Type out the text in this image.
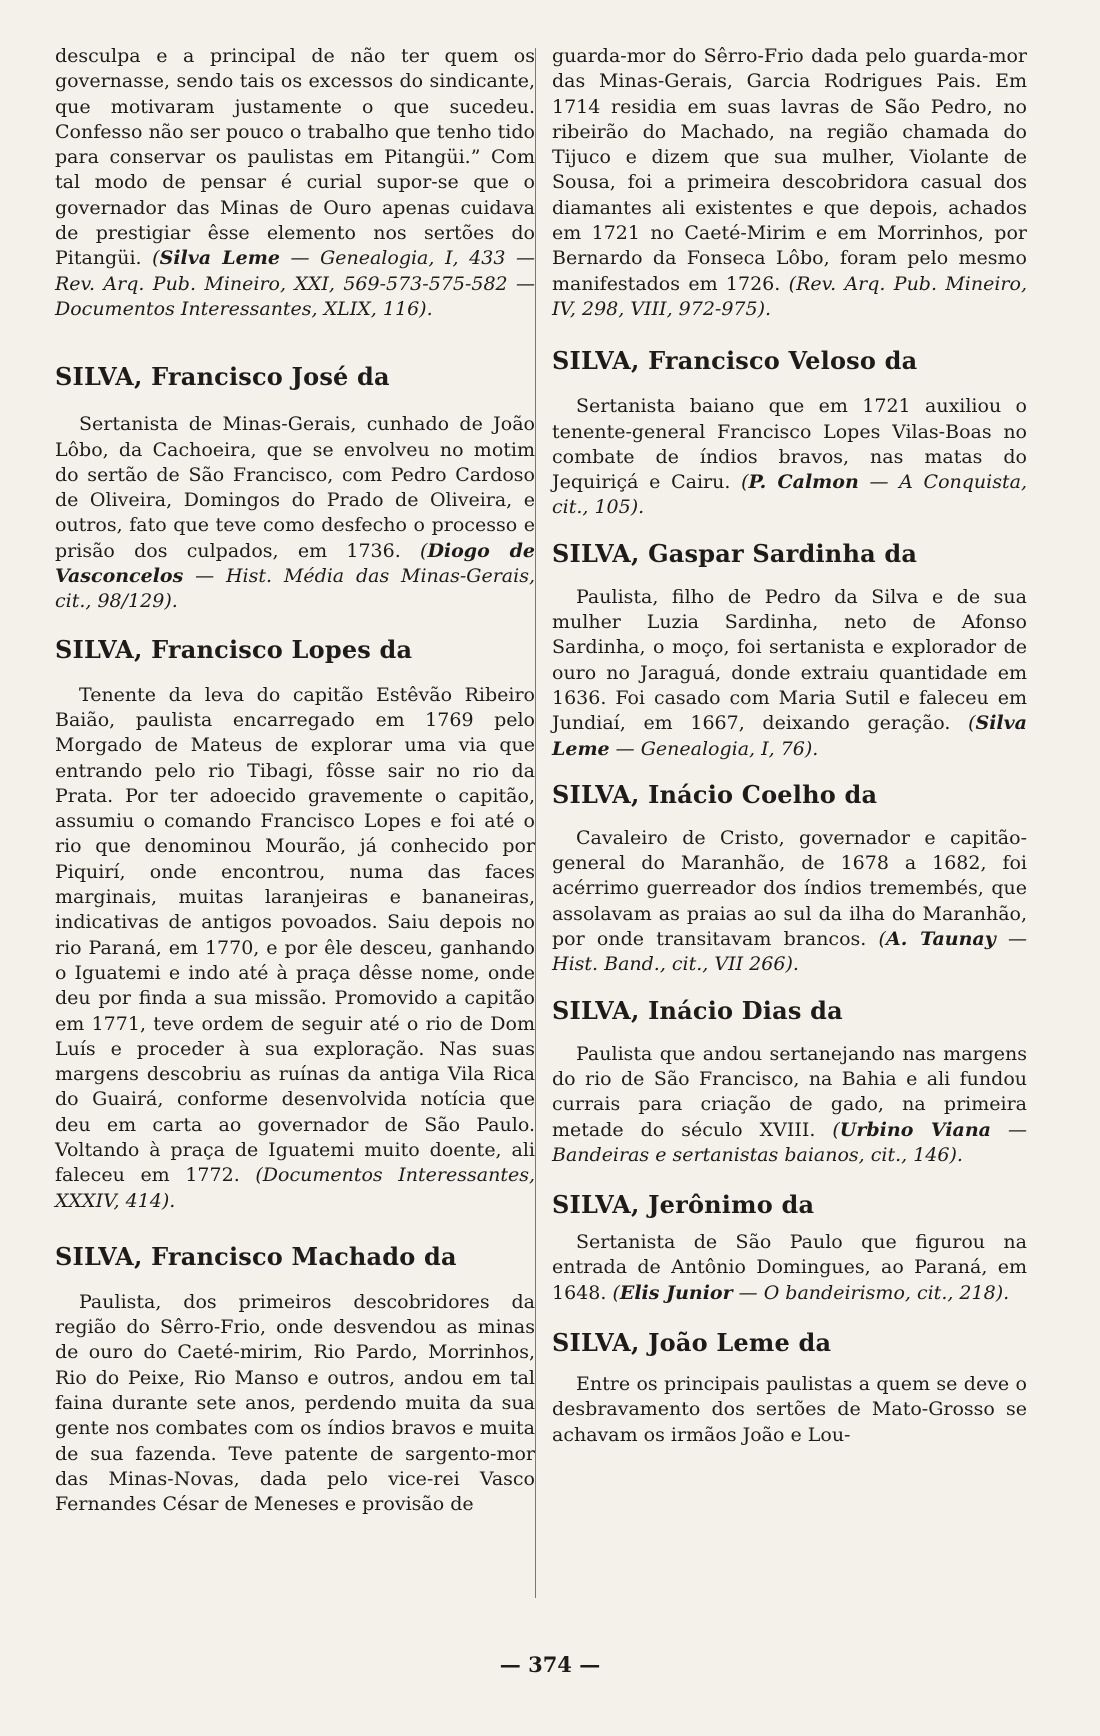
desculpa e a principal de não ter quem os governasse, sendo tais os excessos do sindicante, que motivaram justamente o que sucedeu. Confesso não ser pouco o trabalho que tenho tido para conservar os paulistas em Pitangüi.” Com tal modo de pensar é curial supor-se que o governador das Minas de Ouro apenas cuidava de prestigiar êsse elemento nos sertões do Pitangüi. (Silva Leme — Genealogia, I, 433 — Rev. Arq. Pub. Mineiro, XXI, 569-573-575-582 — Documentos Interessantes, XLIX, 116).

SILVA, Francisco José da

Sertanista de Minas-Gerais, cunhado de João Lôbo, da Cachoeira, que se envolveu no motim do sertão de São Francisco, com Pedro Cardoso de Oliveira, Domingos do Prado de Oliveira, e outros, fato que teve como desfecho o processo e prisão dos culpados, em 1736. (Diogo de Vasconcelos — Hist. Média das Minas-Gerais, cit., 98/129).

SILVA, Francisco Lopes da

Tenente da leva do capitão Estêvão Ribeiro Baião, paulista encarregado em 1769 pelo Morgado de Mateus de explorar uma via que entrando pelo rio Tibagi, fôsse sair no rio da Prata. Por ter adoecido gravemente o capitão, assumiu o comando Francisco Lopes e foi até o rio que denominou Mourão, já conhecido por Piquirí, onde encontrou, numa das faces marginais, muitas laranjeiras e bananeiras, indicativas de antigos povoados. Saiu depois no rio Paraná, em 1770, e por êle desceu, ganhando o Iguatemi e indo até à praça dêsse nome, onde deu por finda a sua missão. Promovido a capitão em 1771, teve ordem de seguir até o rio de Dom Luís e proceder à sua exploração. Nas suas margens descobriu as ruínas da antiga Vila Rica do Guairá, conforme desenvolvida notícia que deu em carta ao governador de São Paulo. Voltando à praça de Iguatemi muito doente, ali faleceu em 1772. (Documentos Interessantes, XXXIV, 414).

SILVA, Francisco Machado da

Paulista, dos primeiros descobridores da região do Sêrro-Frio, onde desvendou as minas de ouro do Caeté-mirim, Rio Pardo, Morrinhos, Rio do Peixe, Rio Manso e outros, andou em tal faina durante sete anos, perdendo muita da sua gente nos combates com os índios bravos e muita de sua fazenda. Teve patente de sargento-mor das Minas-Novas, dada pelo vice-rei Vasco Fernandes César de Meneses e provisão de

guarda-mor do Sêrro-Frio dada pelo guarda-mor das Minas-Gerais, Garcia Rodrigues Pais. Em 1714 residia em suas lavras de São Pedro, no ribeirão do Machado, na região chamada do Tijuco e dizem que sua mulher, Violante de Sousa, foi a primeira descobridora casual dos diamantes ali existentes e que depois, achados em 1721 no Caeté-Mirim e em Morrinhos, por Bernardo da Fonseca Lôbo, foram pelo mesmo manifestados em 1726. (Rev. Arq. Pub. Mineiro, IV, 298, VIII, 972-975).

SILVA, Francisco Veloso da

Sertanista baiano que em 1721 auxiliou o tenente-general Francisco Lopes Vilas-Boas no combate de índios bravos, nas matas do Jequiriçá e Cairu. (P. Calmon — A Conquista, cit., 105).

SILVA, Gaspar Sardinha da

Paulista, filho de Pedro da Silva e de sua mulher Luzia Sardinha, neto de Afonso Sardinha, o moço, foi sertanista e explorador de ouro no Jaraguá, donde extraiu quantidade em 1636. Foi casado com Maria Sutil e faleceu em Jundiaí, em 1667, deixando geração. (Silva Leme — Genealogia, I, 76).

SILVA, Inácio Coelho da

Cavaleiro de Cristo, governador e capitão-general do Maranhão, de 1678 a 1682, foi acérrimo guerreador dos índios tremembés, que assolavam as praias ao sul da ilha do Maranhão, por onde transitavam brancos. (A. Taunay — Hist. Band., cit., VII 266).

SILVA, Inácio Dias da

Paulista que andou sertanejando nas margens do rio de São Francisco, na Bahia e ali fundou currais para criação de gado, na primeira metade do século XVIII. (Urbino Viana — Bandeiras e sertanistas baianos, cit., 146).

SILVA, Jerônimo da

Sertanista de São Paulo que figurou na entrada de Antônio Domingues, ao Paraná, em 1648. (Elis Junior — O bandeirismo, cit., 218).

SILVA, João Leme da

Entre os principais paulistas a quem se deve o desbravamento dos sertões de Mato-Grosso se achavam os irmãos João e Lou-

— 374 —
